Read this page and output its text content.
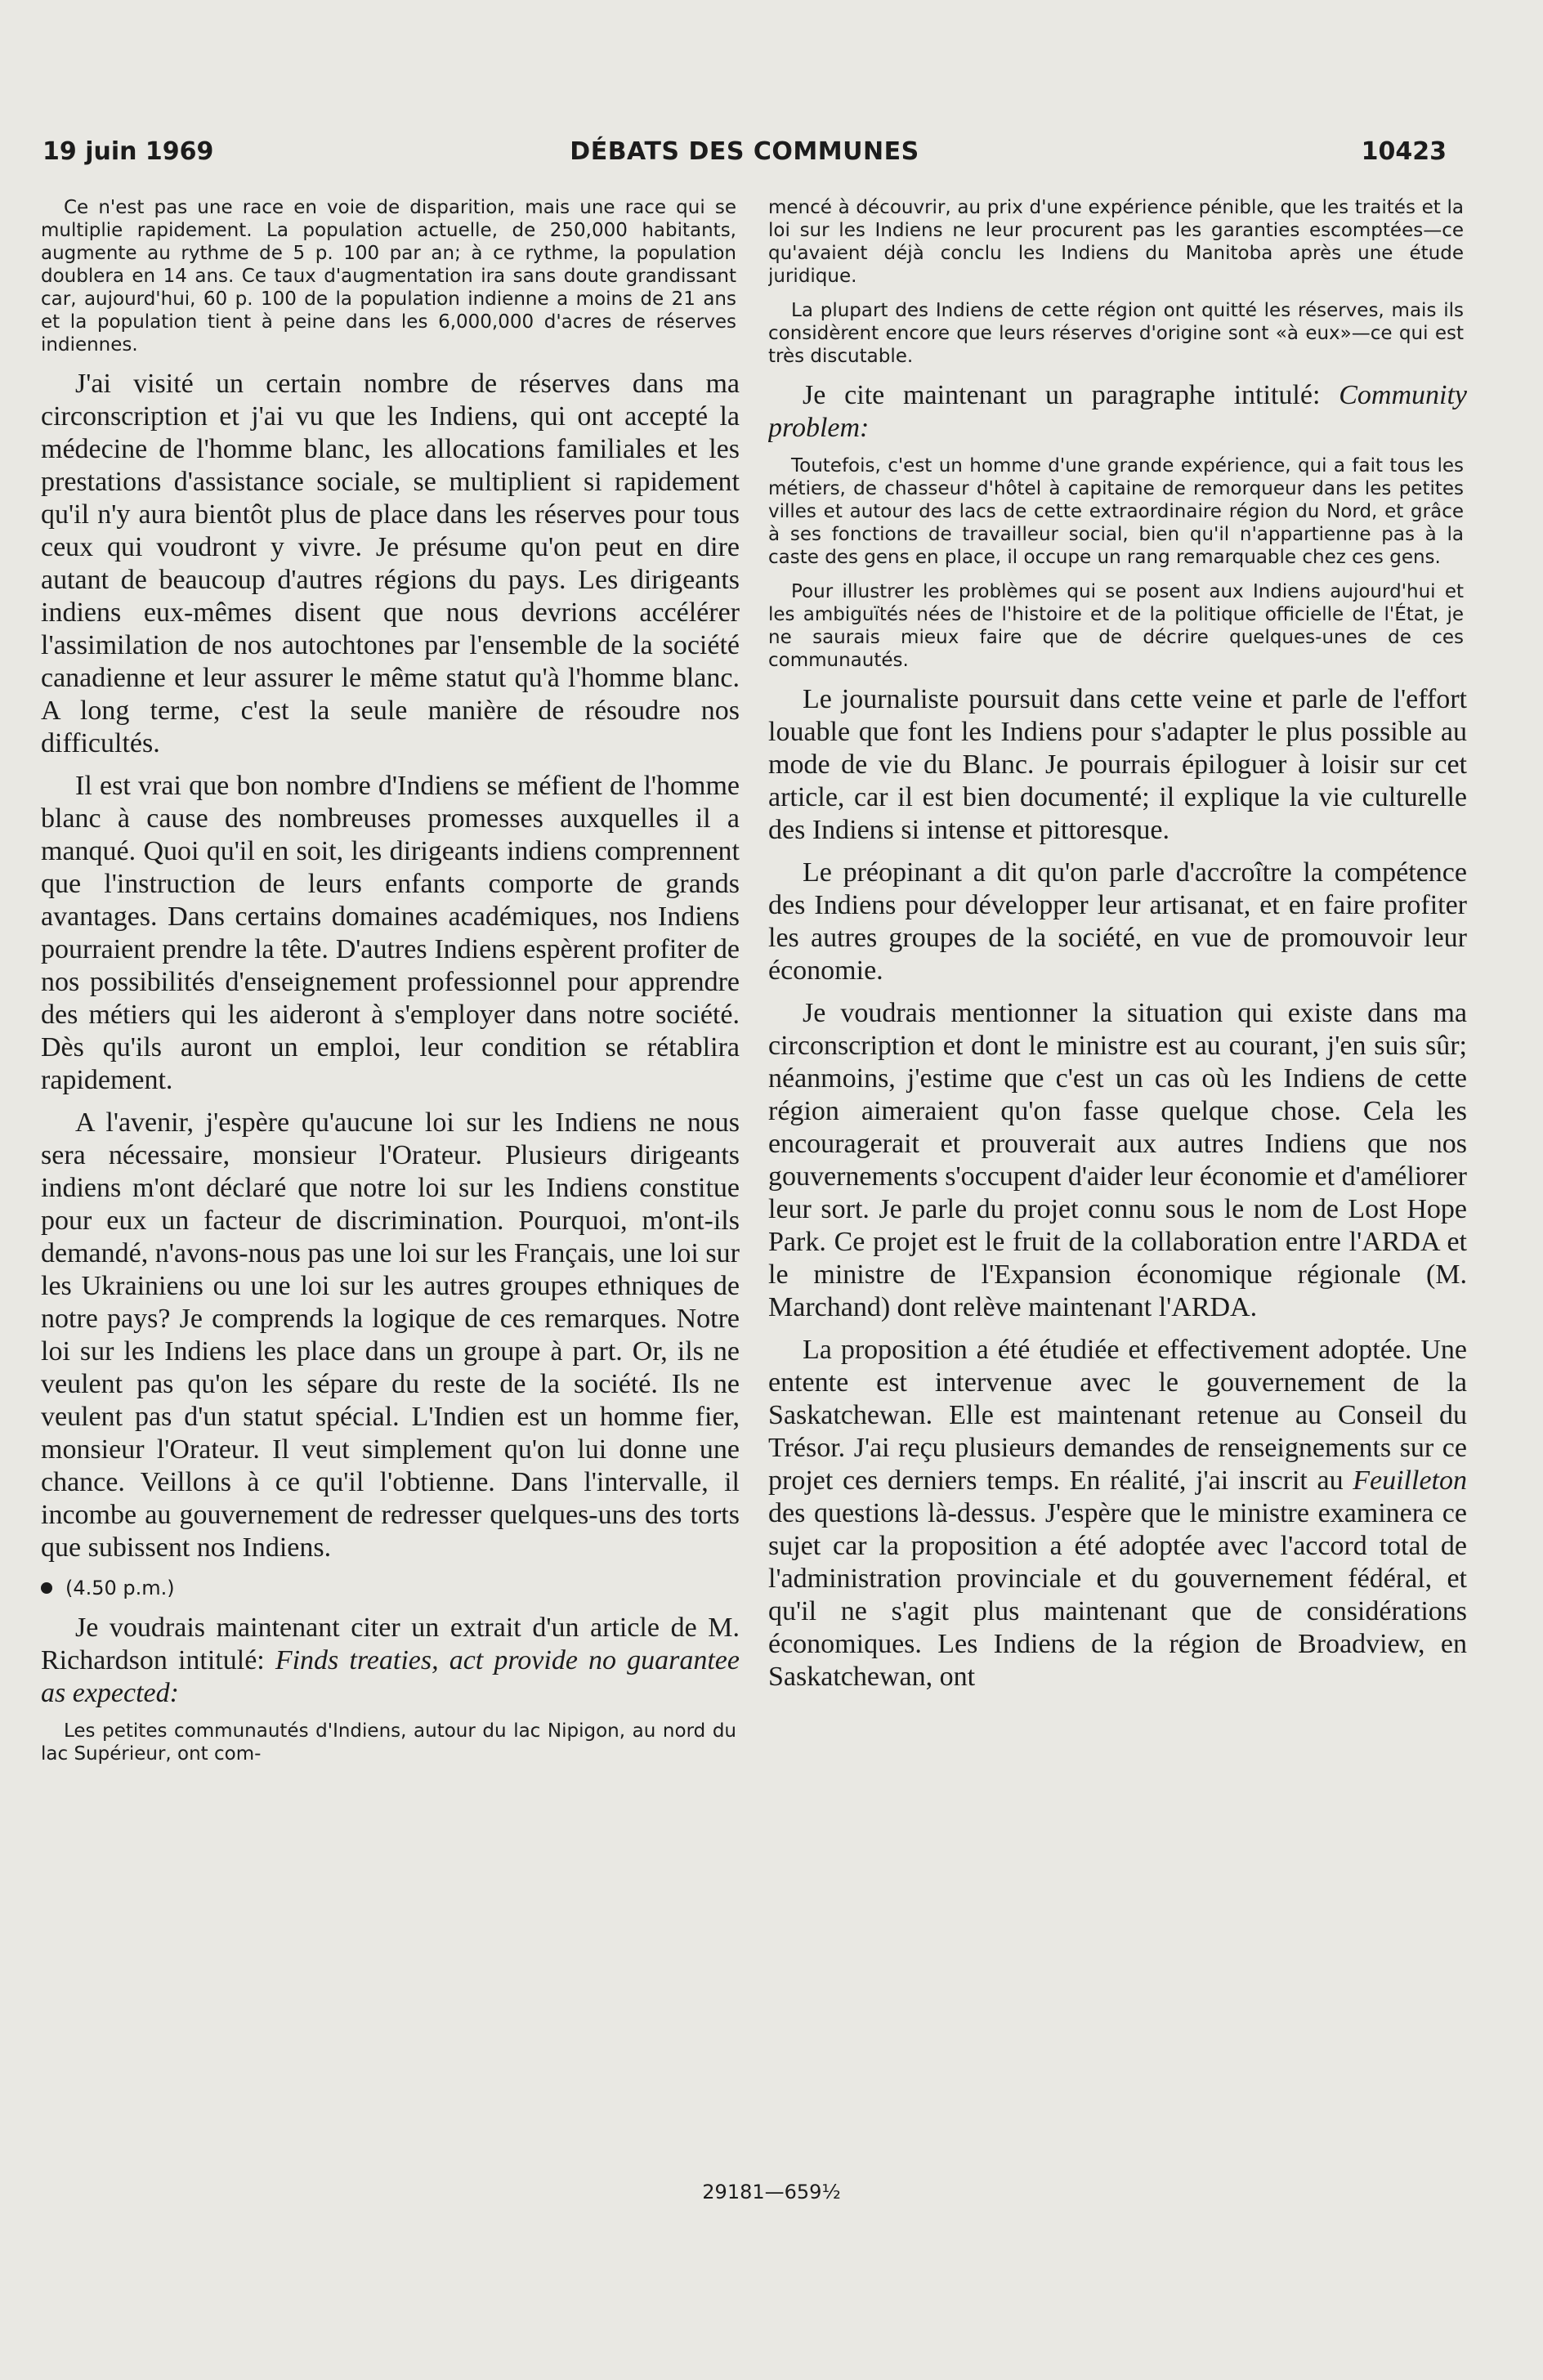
19 juin 1969	DÉBATS DES COMMUNES	10423

Ce n'est pas une race en voie de disparition, mais une race qui se multiplie rapidement. La population actuelle, de 250,000 habitants, augmente au rythme de 5 p. 100 par an; à ce rythme, la population doublera en 14 ans. Ce taux d'augmentation ira sans doute grandissant car, aujourd'hui, 60 p. 100 de la population indienne a moins de 21 ans et la population tient à peine dans les 6,000,000 d'acres de réserves indiennes.

J'ai visité un certain nombre de réserves dans ma circonscription et j'ai vu que les Indiens, qui ont accepté la médecine de l'homme blanc, les allocations familiales et les prestations d'assistance sociale, se multiplient si rapidement qu'il n'y aura bientôt plus de place dans les réserves pour tous ceux qui voudront y vivre. Je présume qu'on peut en dire autant de beaucoup d'autres régions du pays. Les dirigeants indiens eux-mêmes disent que nous devrions accélérer l'assimilation de nos autochtones par l'ensemble de la société canadienne et leur assurer le même statut qu'à l'homme blanc. A long terme, c'est la seule manière de résoudre nos difficultés.

Il est vrai que bon nombre d'Indiens se méfient de l'homme blanc à cause des nombreuses promesses auxquelles il a manqué. Quoi qu'il en soit, les dirigeants indiens comprennent que l'instruction de leurs enfants comporte de grands avantages. Dans certains domaines académiques, nos Indiens pourraient prendre la tête. D'autres Indiens espèrent profiter de nos possibilités d'enseignement professionnel pour apprendre des métiers qui les aideront à s'employer dans notre société. Dès qu'ils auront un emploi, leur condition se rétablira rapidement.

A l'avenir, j'espère qu'aucune loi sur les Indiens ne nous sera nécessaire, monsieur l'Orateur. Plusieurs dirigeants indiens m'ont déclaré que notre loi sur les Indiens constitue pour eux un facteur de discrimination. Pourquoi, m'ont-ils demandé, n'avons-nous pas une loi sur les Français, une loi sur les Ukrainiens ou une loi sur les autres groupes ethniques de notre pays? Je comprends la logique de ces remarques. Notre loi sur les Indiens les place dans un groupe à part. Or, ils ne veulent pas qu'on les sépare du reste de la société. Ils ne veulent pas d'un statut spécial. L'Indien est un homme fier, monsieur l'Orateur. Il veut simplement qu'on lui donne une chance. Veillons à ce qu'il l'obtienne. Dans l'intervalle, il incombe au gouvernement de redresser quelques-uns des torts que subissent nos Indiens.

(4.50 p.m.)

Je voudrais maintenant citer un extrait d'un article de M. Richardson intitulé: Finds treaties, act provide no guarantee as expected:

Les petites communautés d'Indiens, autour du lac Nipigon, au nord du lac Supérieur, ont com-

mencé à découvrir, au prix d'une expérience pénible, que les traités et la loi sur les Indiens ne leur procurent pas les garanties escomptées—ce qu'avaient déjà conclu les Indiens du Manitoba après une étude juridique.

La plupart des Indiens de cette région ont quitté les réserves, mais ils considèrent encore que leurs réserves d'origine sont «à eux»—ce qui est très discutable.

Je cite maintenant un paragraphe intitulé: Community problem:

Toutefois, c'est un homme d'une grande expérience, qui a fait tous les métiers, de chasseur d'hôtel à capitaine de remorqueur dans les petites villes et autour des lacs de cette extraordinaire région du Nord, et grâce à ses fonctions de travailleur social, bien qu'il n'appartienne pas à la caste des gens en place, il occupe un rang remarquable chez ces gens.

Pour illustrer les problèmes qui se posent aux Indiens aujourd'hui et les ambiguïtés nées de l'histoire et de la politique officielle de l'État, je ne saurais mieux faire que de décrire quelques-unes de ces communautés.

Le journaliste poursuit dans cette veine et parle de l'effort louable que font les Indiens pour s'adapter le plus possible au mode de vie du Blanc. Je pourrais épiloguer à loisir sur cet article, car il est bien documenté; il explique la vie culturelle des Indiens si intense et pittoresque.

Le préopinant a dit qu'on parle d'accroître la compétence des Indiens pour développer leur artisanat, et en faire profiter les autres groupes de la société, en vue de promouvoir leur économie.

Je voudrais mentionner la situation qui existe dans ma circonscription et dont le ministre est au courant, j'en suis sûr; néanmoins, j'estime que c'est un cas où les Indiens de cette région aimeraient qu'on fasse quelque chose. Cela les encouragerait et prouverait aux autres Indiens que nos gouvernements s'occupent d'aider leur économie et d'améliorer leur sort. Je parle du projet connu sous le nom de Lost Hope Park. Ce projet est le fruit de la collaboration entre l'ARDA et le ministre de l'Expansion économique régionale (M. Marchand) dont relève maintenant l'ARDA.

La proposition a été étudiée et effectivement adoptée. Une entente est intervenue avec le gouvernement de la Saskatchewan. Elle est maintenant retenue au Conseil du Trésor. J'ai reçu plusieurs demandes de renseignements sur ce projet ces derniers temps. En réalité, j'ai inscrit au Feuilleton des questions là-dessus. J'espère que le ministre examinera ce sujet car la proposition a été adoptée avec l'accord total de l'administration provinciale et du gouvernement fédéral, et qu'il ne s'agit plus maintenant que de considérations économiques. Les Indiens de la région de Broadview, en Saskatchewan, ont

29181—659½
